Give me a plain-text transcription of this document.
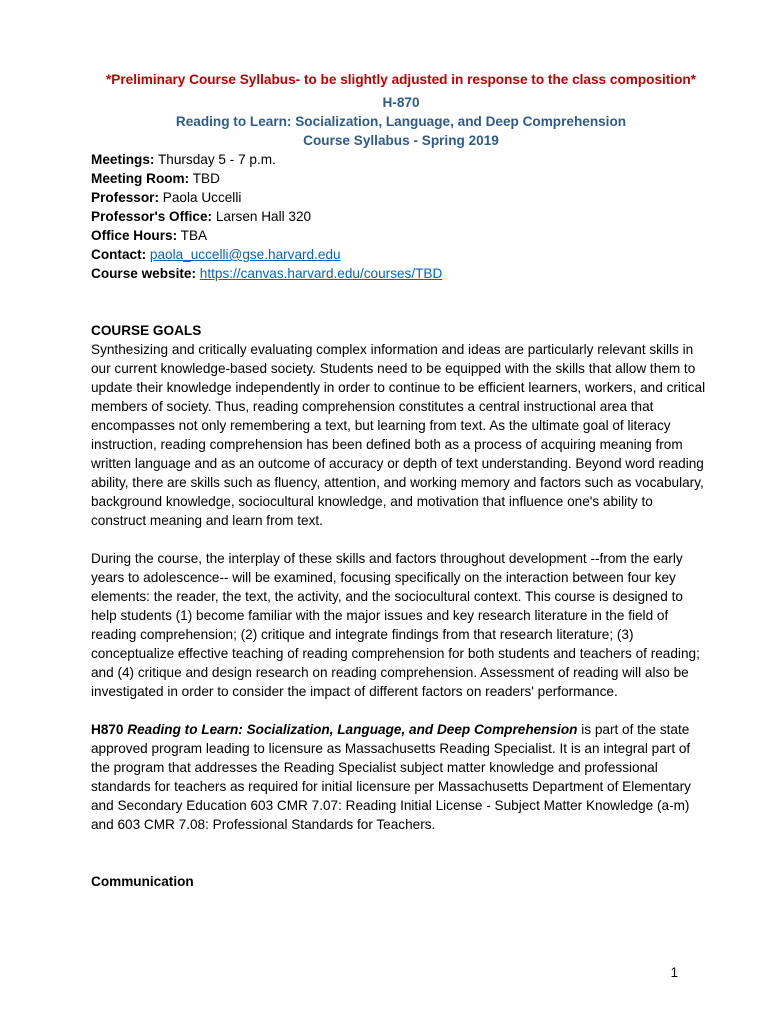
*Preliminary Course Syllabus- to be slightly adjusted in response to the class composition*
H-870
Reading to Learn: Socialization, Language, and Deep Comprehension
Course Syllabus - Spring 2019

Meetings: Thursday 5 - 7 p.m.

Meeting Room: TBD

Professor: Paola Uccelli

Professor's Office: Larsen Hall 320

Office Hours: TBA

Contact: paola_uccelli@gse.harvard.edu

Course website: https://canvas.harvard.edu/courses/TBD

COURSE GOALS

Synthesizing and critically evaluating complex information and ideas are particularly relevant skills in our current knowledge-based society. Students need to be equipped with the skills that allow them to update their knowledge independently in order to continue to be efficient learners, workers, and critical members of society. Thus, reading comprehension constitutes a central instructional area that encompasses not only remembering a text, but learning from text. As the ultimate goal of literacy instruction, reading comprehension has been defined both as a process of acquiring meaning from written language and as an outcome of accuracy or depth of text understanding. Beyond word reading ability, there are skills such as fluency, attention, and working memory and factors such as vocabulary, background knowledge, sociocultural knowledge, and motivation that influence one's ability to construct meaning and learn from text.

During the course, the interplay of these skills and factors throughout development --from the early years to adolescence-- will be examined, focusing specifically on the interaction between four key elements: the reader, the text, the activity, and the sociocultural context. This course is designed to help students (1) become familiar with the major issues and key research literature in the field of reading comprehension; (2) critique and integrate findings from that research literature; (3) conceptualize effective teaching of reading comprehension for both students and teachers of reading; and (4) critique and design research on reading comprehension. Assessment of reading will also be investigated in order to consider the impact of different factors on readers' performance.

H870 Reading to Learn: Socialization, Language, and Deep Comprehension is part of the state approved program leading to licensure as Massachusetts Reading Specialist. It is an integral part of the program that addresses the Reading Specialist subject matter knowledge and professional standards for teachers as required for initial licensure per Massachusetts Department of Elementary and Secondary Education 603 CMR 7.07: Reading Initial License - Subject Matter Knowledge (a-m) and 603 CMR 7.08: Professional Standards for Teachers.

Communication
1
